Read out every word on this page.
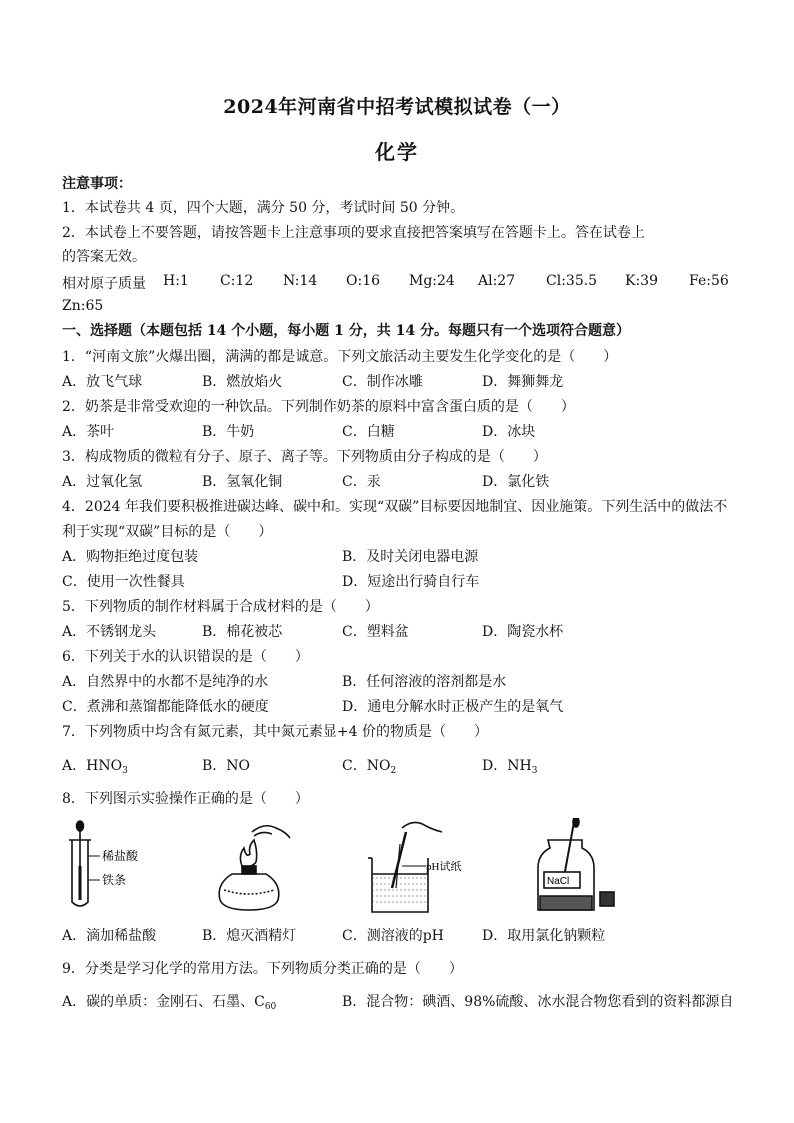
2024年河南省中招考试模拟试卷（一）
化学
注意事项：
1．本试卷共 4 页，四个大题，满分 50 分，考试时间 50 分钟。
2．本试卷上不要答题，请按答题卡上注意事项的要求直接把答案填写在答题卡上。答在试卷上
的答案无效。
相对原子质量 H:1 C:12 N:14 O:16 Mg:24 Al:27 Cl:35.5 K:39 Fe:56
Zn:65
一、选择题（本题包括 14 个小题，每小题 1 分，共 14 分。每题只有一个选项符合题意）
1．“河南文旅”火爆出圈，满满的都是诚意。下列文旅活动主要发生化学变化的是（　　）
A．放飞气球	B．燃放焰火	C．制作冰雕	D．舞狮舞龙
2．奶茶是非常受欢迎的一种饮品。下列制作奶茶的原料中富含蛋白质的是（　　）
A．茶叶	B．牛奶	C．白糖	D．冰块
3．构成物质的微粒有分子、原子、离子等。下列物质由分子构成的是（　　）
A．过氧化氢	B．氢氧化铜	C．汞	D．氯化铁
4．2024 年我们要积极推进碳达峰、碳中和。实现“双碳”目标要因地制宜、因业施策。下列生活中的做法不
利于实现“双碳”目标的是（　　）
A．购物拒绝过度包装	B．及时关闭电器电源
C．使用一次性餐具	D．短途出行骑自行车
5．下列物质的制作材料属于合成材料的是（　　）
A．不锈钢龙头	B．棉花被芯	C．塑料盆	D．陶瓷水杯
6．下列关于水的认识错误的是（　　）
A．自然界中的水都不是纯净的水	B．任何溶液的溶剂都是水
C．煮沸和蒸馏都能降低水的硬度	D．通电分解水时正极产生的是氧气
7．下列物质中均含有氮元素，其中氮元素显+4 价的物质是（　　）
A．$HNO_3$	B．NO	C．$NO_2$	D．$NH_3$
8．下列图示实验操作正确的是（　　）
稀盐酸
铁条
pH试纸
NaCl
A．滴加稀盐酸	B．熄灭酒精灯	C．测溶液的pH	D．取用氯化钠颗粒
9．分类是学习化学的常用方法。下列物质分类正确的是（　　）
A．碳的单质：金刚石、石墨、$C_{60}$	B．混合物：碘酒、98%硫酸、冰水混合物您看到的资料都源自
